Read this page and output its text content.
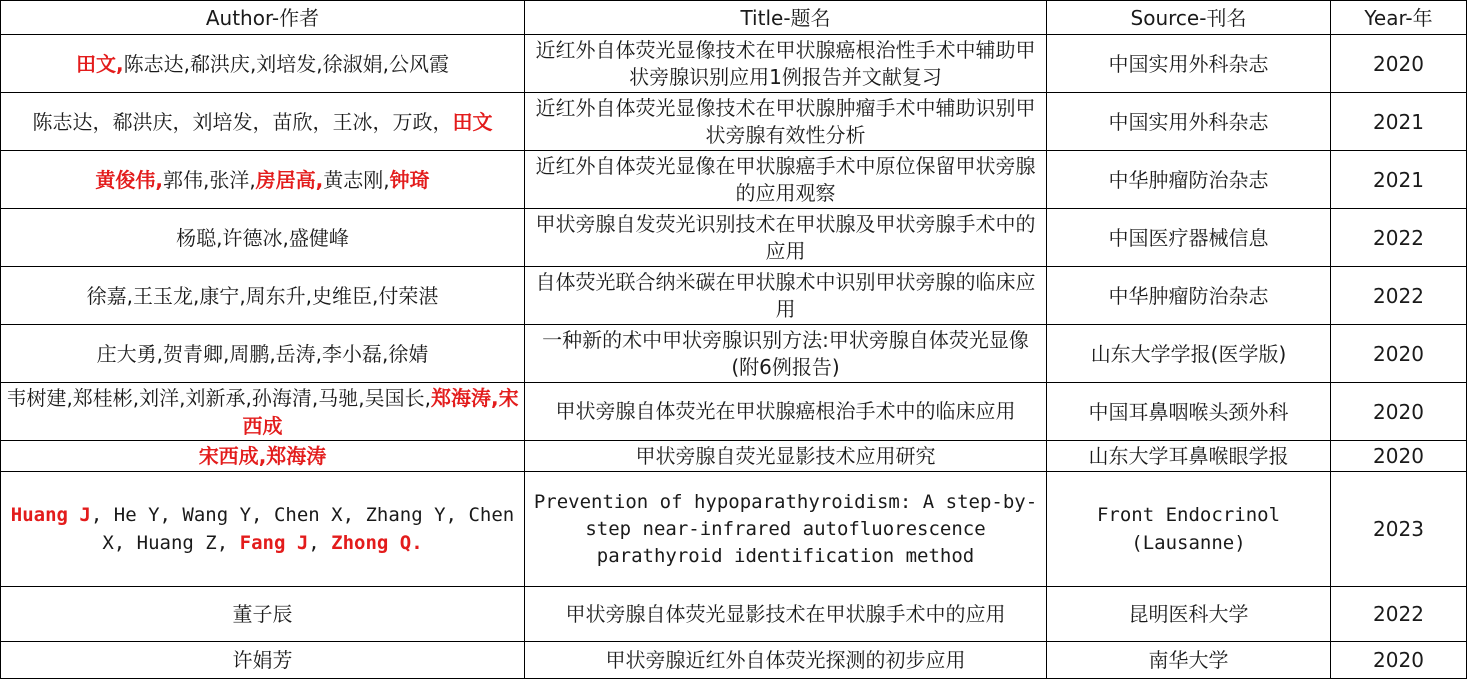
Author-作者	Title-题名	Source-刊名	Year-年
田文,陈志达,郗洪庆,刘培发,徐淑娟,公风霞	近红外自体荧光显像技术在甲状腺癌根治性手术中辅助甲状旁腺识别应用1例报告并文献复习	中国实用外科杂志	2020
陈志达，郗洪庆，刘培发，苗欣，王冰，万政，田文	近红外自体荧光显像技术在甲状腺肿瘤手术中辅助识别甲状旁腺有效性分析	中国实用外科杂志	2021
黄俊伟,郭伟,张洋,房居高,黄志刚,钟琦	近红外自体荧光显像在甲状腺癌手术中原位保留甲状旁腺的应用观察	中华肿瘤防治杂志	2021
杨聪,许德冰,盛健峰	甲状旁腺自发荧光识别技术在甲状腺及甲状旁腺手术中的应用	中国医疗器械信息	2022
徐嘉,王玉龙,康宁,周东升,史维臣,付荣湛	自体荧光联合纳米碳在甲状腺术中识别甲状旁腺的临床应用	中华肿瘤防治杂志	2022
庄大勇,贺青卿,周鹏,岳涛,李小磊,徐婧	一种新的术中甲状旁腺识别方法:甲状旁腺自体荧光显像(附6例报告)	山东大学学报(医学版)	2020
韦树建,郑桂彬,刘洋,刘新承,孙海清,马驰,吴国长,郑海涛,宋西成	甲状旁腺自体荧光在甲状腺癌根治手术中的临床应用	中国耳鼻咽喉头颈外科	2020
宋西成,郑海涛	甲状旁腺自荧光显影技术应用研究	山东大学耳鼻喉眼学报	2020
Huang J, He Y, Wang Y, Chen X, Zhang Y, Chen X, Huang Z, Fang J, Zhong Q.	Prevention of hypoparathyroidism: A step-by-step near-infrared autofluorescence parathyroid identification method	Front Endocrinol (Lausanne)	2023
董子辰	甲状旁腺自体荧光显影技术在甲状腺手术中的应用	昆明医科大学	2022
许娟芳	甲状旁腺近红外自体荧光探测的初步应用	南华大学	2020
